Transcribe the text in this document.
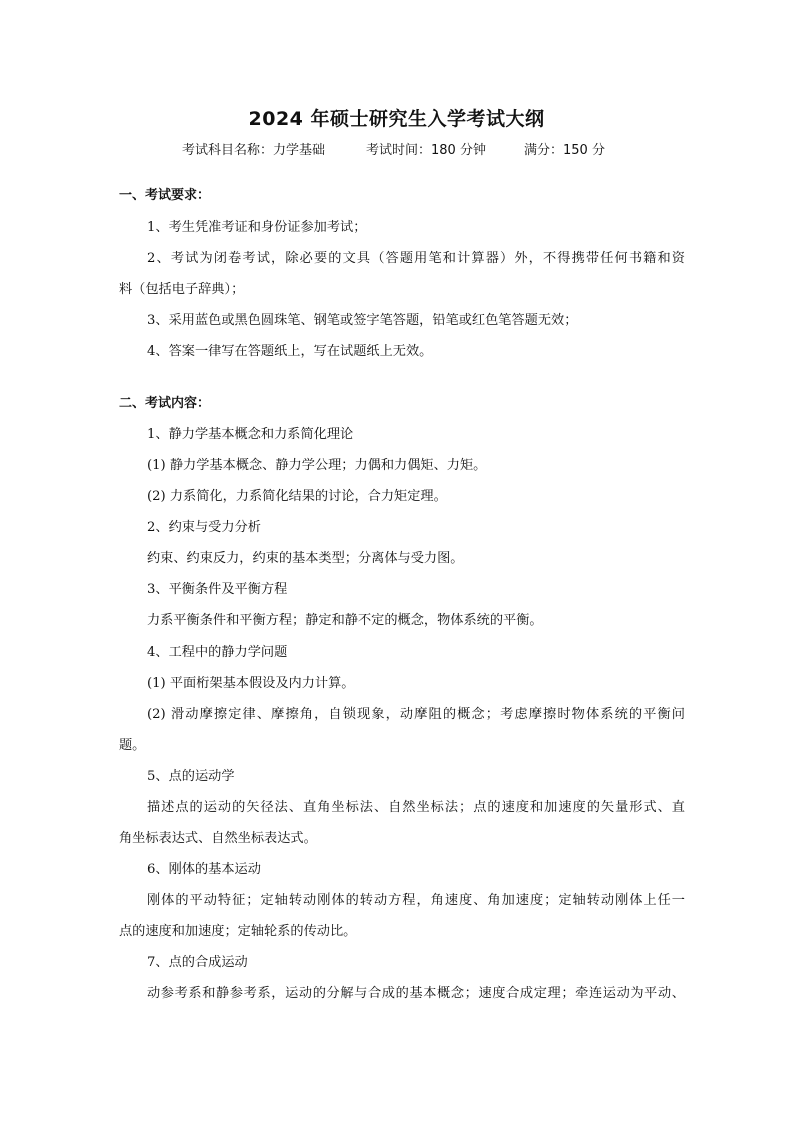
2024 年硕士研究生入学考试大纲
考试科目名称：力学基础	考试时间：180 分钟	满分：150 分
一、考试要求：
1、考生凭准考证和身份证参加考试；
2、考试为闭卷考试，除必要的文具（答题用笔和计算器）外，不得携带任何书籍和资
料（包括电子辞典）；
3、采用蓝色或黑色圆珠笔、钢笔或签字笔答题，铅笔或红色笔答题无效；
4、答案一律写在答题纸上，写在试题纸上无效。
二、考试内容：
1、静力学基本概念和力系简化理论
(1) 静力学基本概念、静力学公理；力偶和力偶矩、力矩。
(2) 力系简化，力系简化结果的讨论，合力矩定理。
2、约束与受力分析
约束、约束反力，约束的基本类型；分离体与受力图。
3、平衡条件及平衡方程
力系平衡条件和平衡方程；静定和静不定的概念，物体系统的平衡。
4、工程中的静力学问题
(1) 平面桁架基本假设及内力计算。
(2) 滑动摩擦定律、摩擦角，自锁现象，动摩阻的概念；考虑摩擦时物体系统的平衡问
题。
5、点的运动学
描述点的运动的矢径法、直角坐标法、自然坐标法；点的速度和加速度的矢量形式、直
角坐标表达式、自然坐标表达式。
6、刚体的基本运动
刚体的平动特征；定轴转动刚体的转动方程，角速度、角加速度；定轴转动刚体上任一
点的速度和加速度；定轴轮系的传动比。
7、点的合成运动
动参考系和静参考系，运动的分解与合成的基本概念；速度合成定理；牵连运动为平动、
